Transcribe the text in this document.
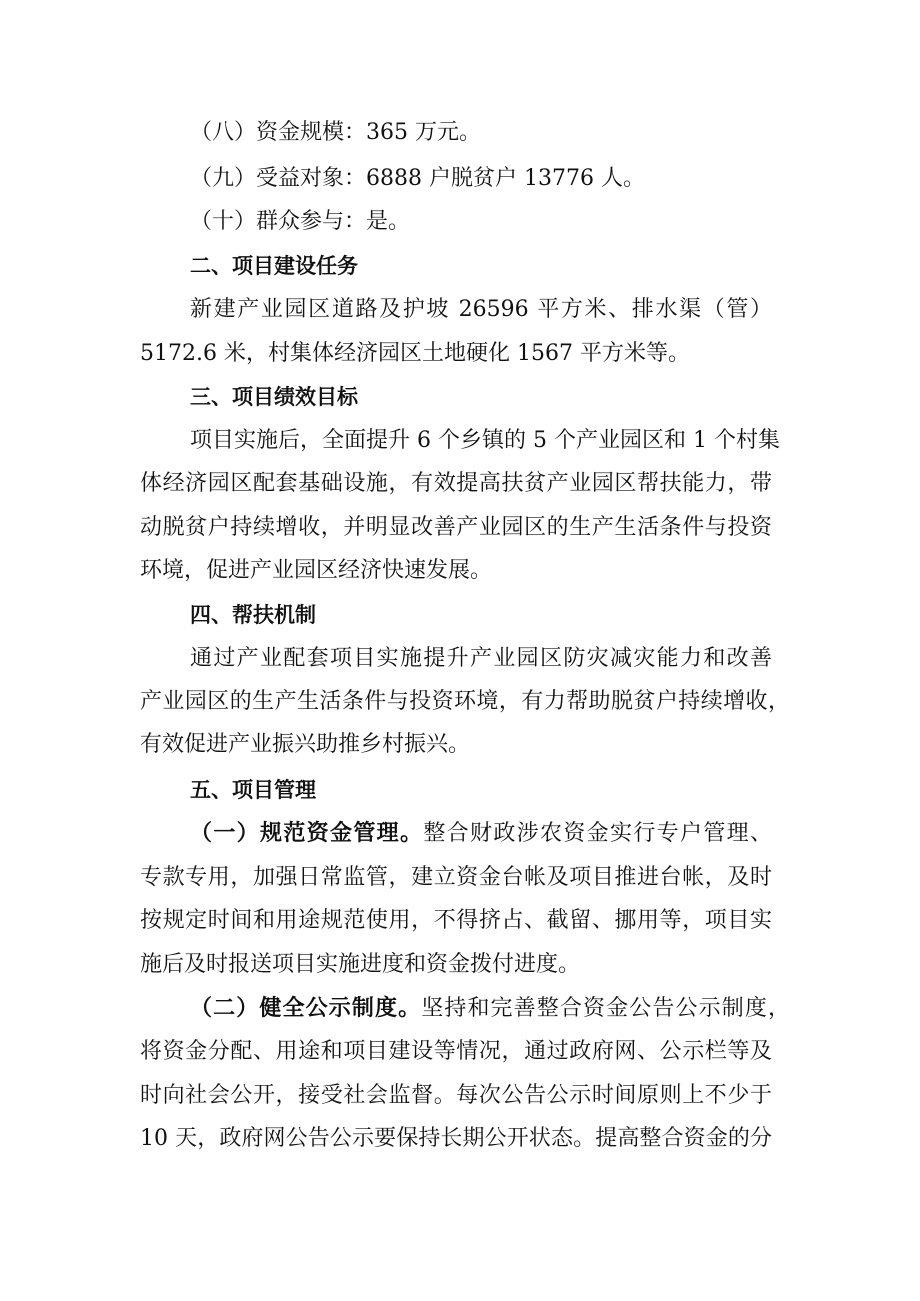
（八）资金规模：365 万元。
（九）受益对象：6888 户脱贫户 13776 人。
（十）群众参与：是。
二、项目建设任务
新建产业园区道路及护坡 26596 平方米、排水渠（管）
5172.6 米，村集体经济园区土地硬化 1567 平方米等。
三、项目绩效目标
项目实施后，全面提升 6 个乡镇的 5 个产业园区和 1 个村集
体经济园区配套基础设施，有效提高扶贫产业园区帮扶能力，带
动脱贫户持续增收，并明显改善产业园区的生产生活条件与投资
环境，促进产业园区经济快速发展。
四、帮扶机制
通过产业配套项目实施提升产业园区防灾减灾能力和改善
产业园区的生产生活条件与投资环境，有力帮助脱贫户持续增收，
有效促进产业振兴助推乡村振兴。
五、项目管理
（一）规范资金管理。整合财政涉农资金实行专户管理、
专款专用，加强日常监管，建立资金台帐及项目推进台帐，及时
按规定时间和用途规范使用，不得挤占、截留、挪用等，项目实
施后及时报送项目实施进度和资金拨付进度。
（二）健全公示制度。坚持和完善整合资金公告公示制度，
将资金分配、用途和项目建设等情况，通过政府网、公示栏等及
时向社会公开，接受社会监督。每次公告公示时间原则上不少于
10 天，政府网公告公示要保持长期公开状态。提高整合资金的分
